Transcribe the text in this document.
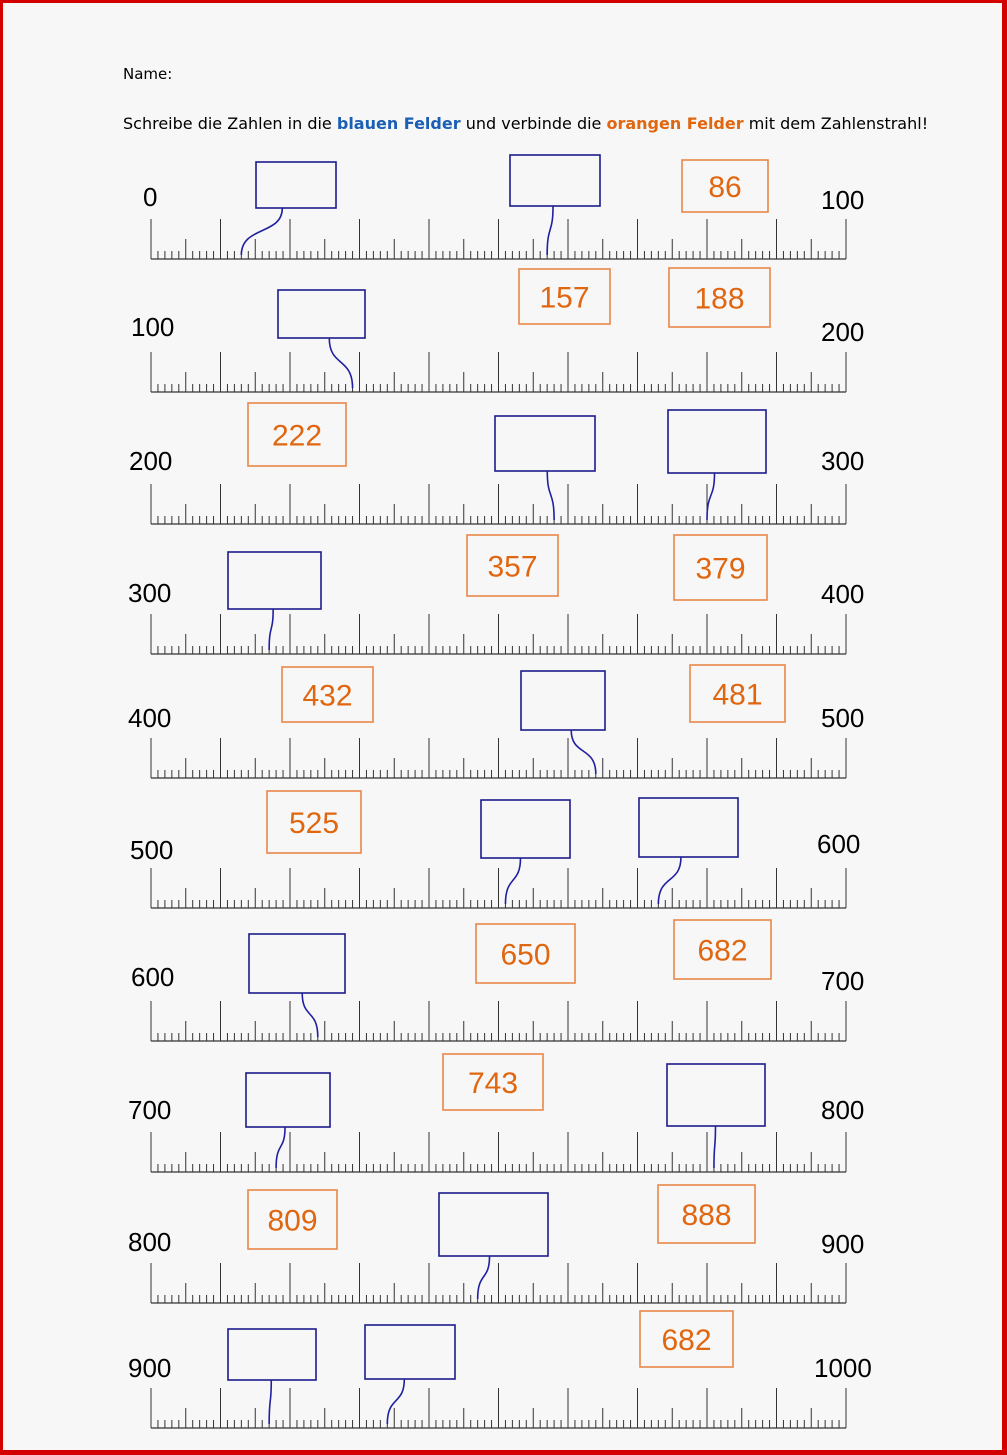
Name:
Schreibe die Zahlen in die blauen Felder und verbinde die orangen Felder mit dem Zahlenstrahl!
0	100
86
100	200
157	188
200	300
222
300	400
357	379
400	500
432	481
500	600
525
600	700
650	682
700	800
743
800	900
809	888
900	1000
682
